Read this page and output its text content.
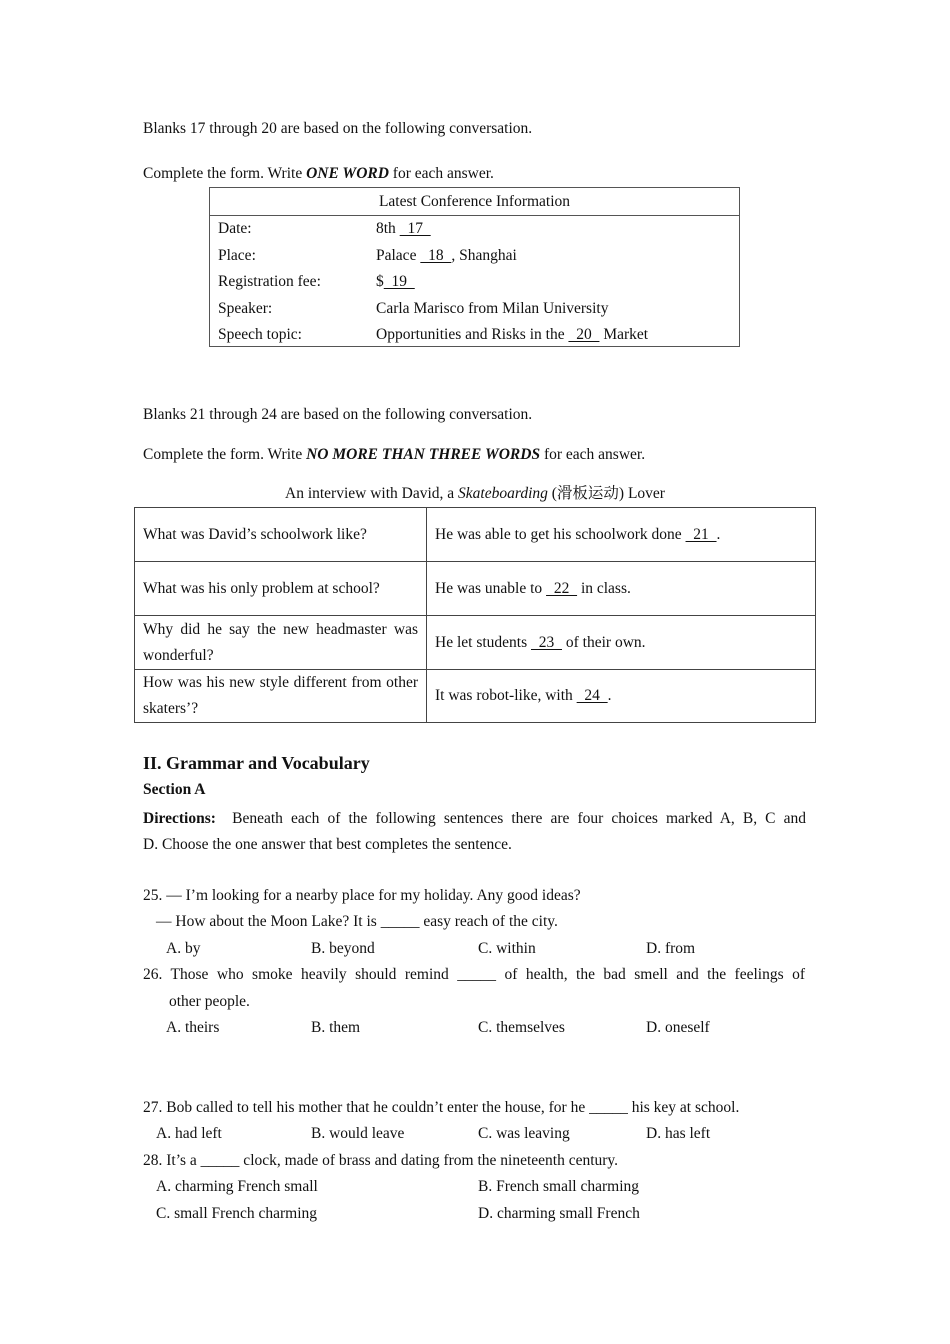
Blanks 17 through 20 are based on the following conversation.
Complete the form. Write ONE WORD for each answer.
Latest Conference Information
Date:	8th   17
Place:	Palace   18  , Shanghai
Registration fee:	$  19
Speaker:	Carla Marisco from Milan University
Speech topic:	Opportunities and Risks in the   20   Market
Blanks 21 through 24 are based on the following conversation.
Complete the form. Write NO MORE THAN THREE WORDS for each answer.
An interview with David, a Skateboarding (滑板运动) Lover
What was David’s schoolwork like?	He was able to get his schoolwork done   21  .
What was his only problem at school?	He was unable to   22   in class.
Why did he say the new headmaster was wonderful?	He let students   23   of their own.
How was his new style different from other skaters’?	It was robot-like, with   24  .
II. Grammar and Vocabulary
Section A
Directions:  Beneath each of the following sentences there are four choices marked A, B, C and
D. Choose the one answer that best completes the sentence.
25. — I’m looking for a nearby place for my holiday. Any good ideas?
— How about the Moon Lake? It is _____ easy reach of the city.
A. by	B. beyond	C. within	D. from
26. Those who smoke heavily should remind _____ of health, the bad smell and the feelings of
other people.
A. theirs	B. them	C. themselves	D. oneself
27. Bob called to tell his mother that he couldn’t enter the house, for he _____ his key at school.
A. had left	B. would leave	C. was leaving	D. has left
28. It’s a _____ clock, made of brass and dating from the nineteenth century.
A. charming French small	B. French small charming
C. small French charming	D. charming small French
